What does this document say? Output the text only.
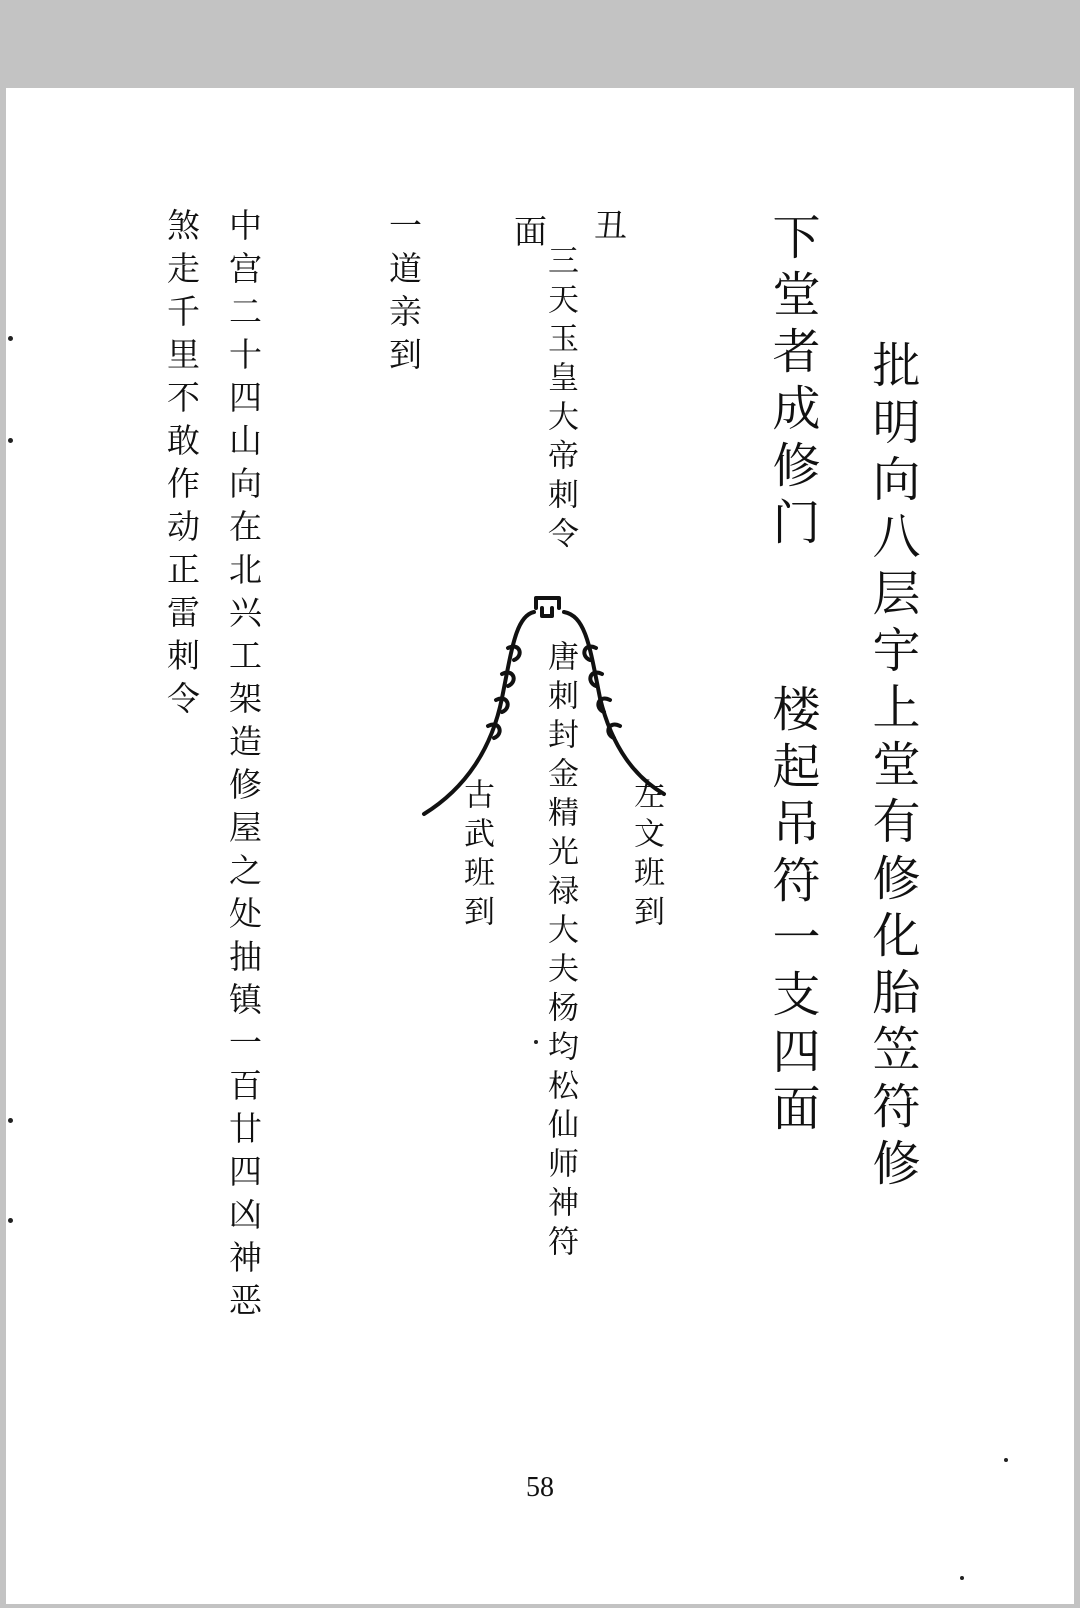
批明向八层宇上堂有修化胎笠符修
下堂者成修门
楼起吊符一支四面
丑
面
三天玉皇大帝刺令
唐刺封金精光禄大夫杨均松仙师神符 左文班到
古武班到
一道亲到
中宫二十四山向在北兴工架造修屋之处抽镇一百廿四凶神恶
煞走千里不敢作动正雷刺令
58
